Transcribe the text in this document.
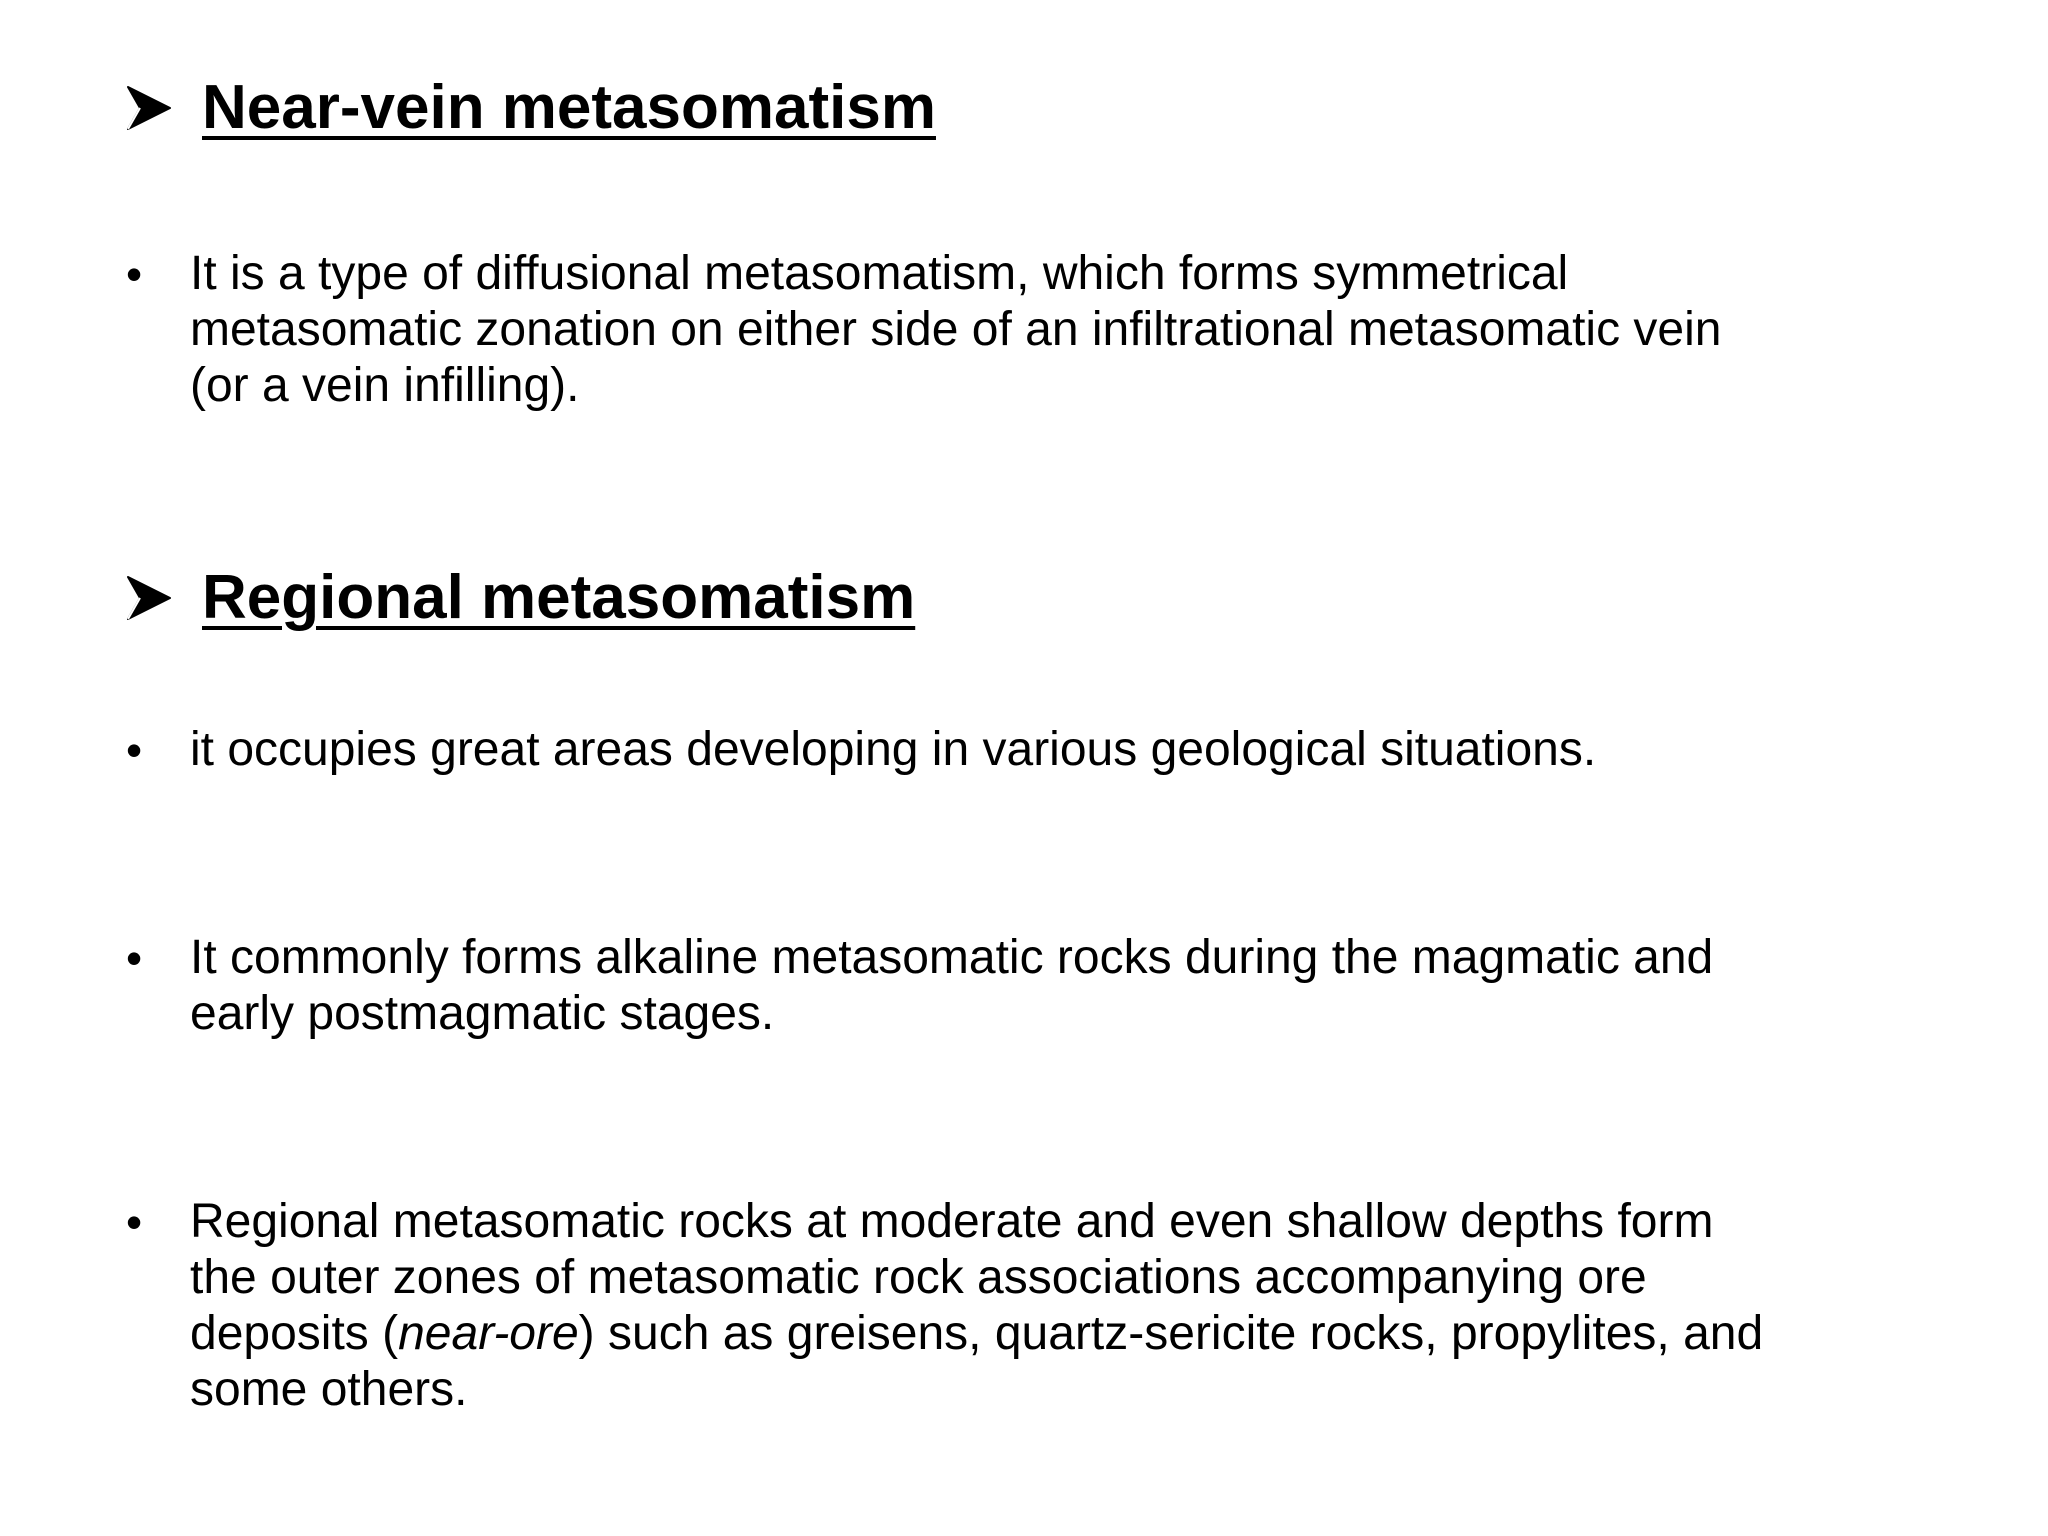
Near-vein metasomatism
• It is a type of diffusional metasomatism, which forms symmetrical
metasomatic zonation on either side of an infiltrational metasomatic vein
(or a vein infilling).
Regional metasomatism
• it occupies great areas developing in various geological situations.
• It commonly forms alkaline metasomatic rocks during the magmatic and
early postmagmatic stages.
• Regional metasomatic rocks at moderate and even shallow depths form
the outer zones of metasomatic rock associations accompanying ore
deposits (near-ore) such as greisens, quartz-sericite rocks, propylites, and
some others.
